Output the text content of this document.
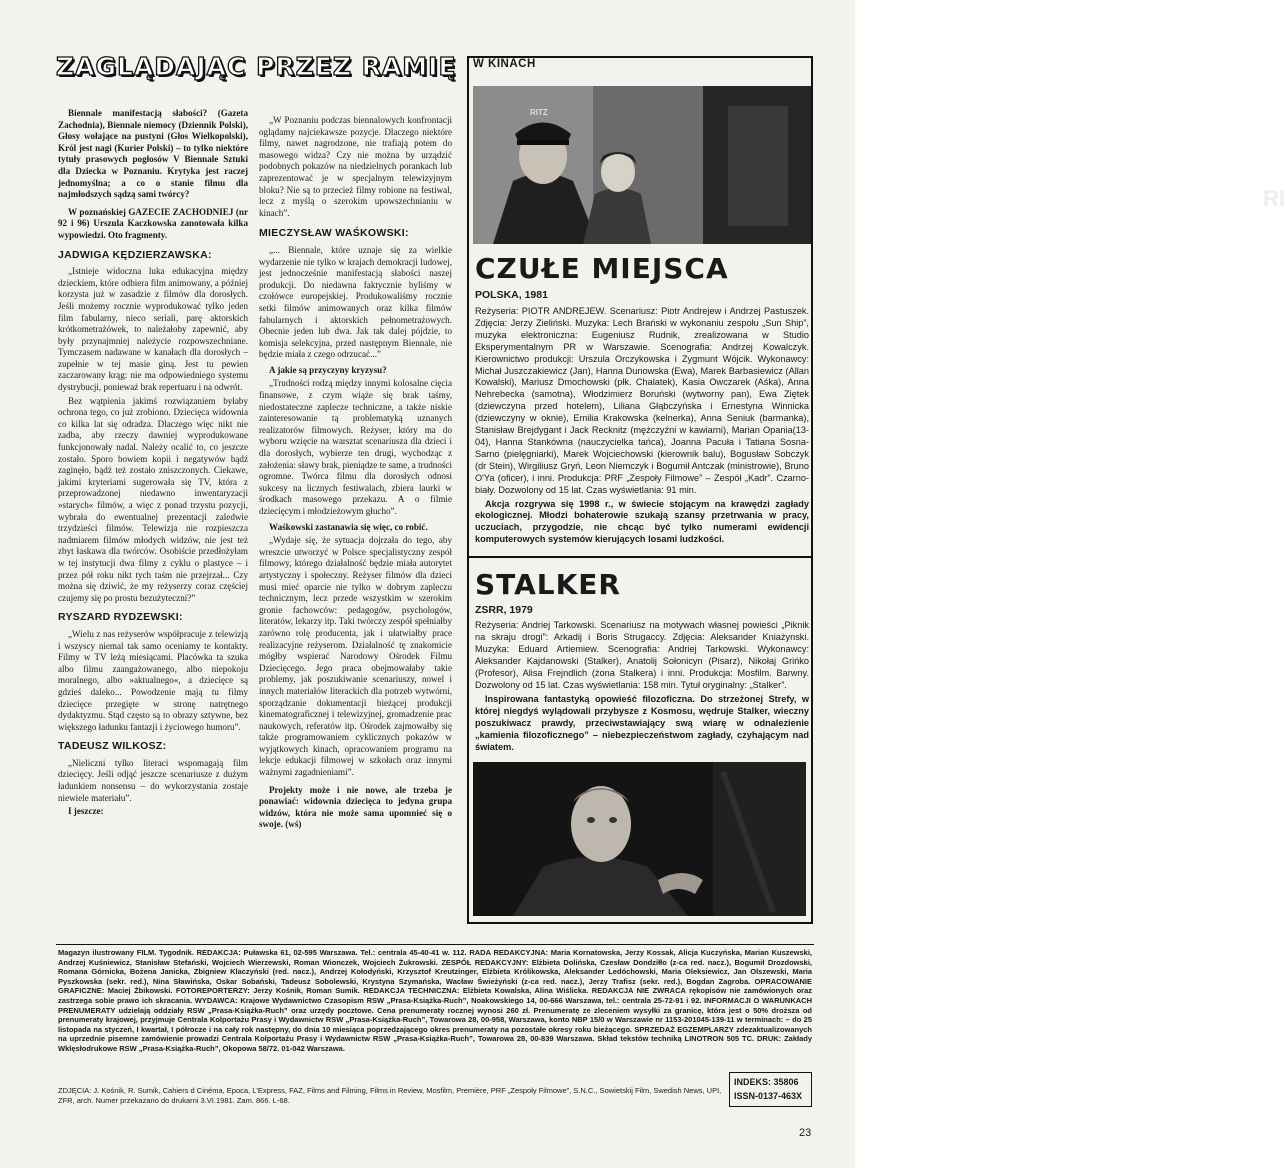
ZAGLĄDAJĄC PRZEZ RAMIĘ

Biennale manifestacją słabości? (Gazeta Zachodnia), Biennale niemocy (Dziennik Polski), Głosy wołające na pustyni (Głos Wielkopolski), Król jest nagi (Kurier Polski) – to tylko niektóre tytuły prasowych pogłosów V Biennale Sztuki dla Dziecka w Poznaniu. Krytyka jest raczej jednomyślna; a co o stanie filmu dla najmłodszych sądzą sami twórcy?

W poznańskiej GAZECIE ZACHODNIEJ (nr 92 i 96) Urszula Kaczkowska zanotowała kilka wypowiedzi. Oto fragmenty.

JADWIGA KĘDZIERZAWSKA:

„Istnieje widoczna luka edukacyjna między dzieckiem, które odbiera film animowany, a później korzysta już w zasadzie z filmów dla dorosłych. Jeśli możemy rocznie wyprodukować tylko jeden film fabularny, nieco seriali, parę aktorskich krótkometrażówek, to należałoby zapewnić, aby były przynajmniej należycie rozpowszechniane. Tymczasem nadawane w kanałach dla dorosłych – zupełnie w tej masie giną. Jest tu pewien zaczarowany krąg: nie ma odpowiedniego systemu dystrybucji, ponieważ brak repertuaru i na odwrót.

Bez wątpienia jakimś rozwiązaniem byłaby ochrona tego, co już zrobiono. Dziecięca widownia co kilka lat się odradza. Dlaczego więc nikt nie zadba, aby rzeczy dawniej wyprodukowane funkcjonowały nadal. Należy ocalić to, co jeszcze zostało. Sporo bowiem kopii i negatywów bądź zaginęło, bądź też zostało zniszczonych. Ciekawe, jakimi kryteriami sugerowała się TV, która z przeprowadzonej niedawno inwentaryzacji »starych« filmów, a więc z ponad trzystu pozycji, wybrała do ewentualnej prezentacji zaledwie trzydzieści filmów. Telewizja nie rozpieszcza nadmiarem filmów młodych widzów, nie jest też zbyt łaskawa dla twórców. Osobiście przedłożyłam w tej instytucji dwa filmy z cyklu o plastyce – i przez pół roku nikt tych taśm nie przejrzał... Czy można się dziwić, że my reżyserzy coraz częściej czujemy się po prostu bezużyteczni?”

RYSZARD RYDZEWSKI:

„Wielu z nas reżyserów współpracuje z telewizją i wszyscy niemal tak samo oceniamy te kontakty. Filmy w TV leżą miesiącami. Placówka ta szuka albo filmu zaangażowanego, albo niepokoju moralnego, albo »aktualnego«, a dziecięce są gdzieś daleko... Powodzenie mają tu filmy dziecięce przegięte w stronę natrętnego dydaktyzmu. Stąd często są to obrazy sztywne, bez większego ładunku fantazji i życiowego humoru”.

TADEUSZ WILKOSZ:

„Nieliczni tylko literaci wspomagają film dziecięcy. Jeśli odjąć jeszcze scenariusze z dużym ładunkiem nonsensu – do wykorzystania zostaje niewiele materiału”.

I jeszcze:

„W Poznaniu podczas biennalowych konfrontacji oglądamy najciekawsze pozycje. Dlaczego niektóre filmy, nawet nagrodzone, nie trafiają potem do masowego widza? Czy nie można by urządzić podobnych pokazów na niedzielnych porankach lub zaprezentować je w specjalnym telewizyjnym bloku? Nie są to przecież filmy robione na festiwal, lecz z myślą o szerokim upowszechnianiu w kinach”.

MIECZYSŁAW WAŚKOWSKI:

„... Biennale, które uznaje się za wielkie wydarzenie nie tylko w krajach demokracji ludowej, jest jednocześnie manifestacją słabości naszej produkcji. Do niedawna faktycznie byliśmy w czołówce europejskiej. Produkowaliśmy rocznie setki filmów animowanych oraz kilka filmów fabularnych i aktorskich pełnometrażowych. Obecnie jeden lub dwa. Jak tak dalej pójdzie, to komisja selekcyjna, przed następnym Biennale, nie będzie miała z czego odrzucać...”

A jakie są przyczyny kryzysu?

„Trudności rodzą między innymi kolosalne cięcia finansowe, z czym wiąże się brak taśmy, niedostateczne zaplecze techniczne, a także niskie zainteresowanie tą problematyką uznanych realizatorów filmowych. Reżyser, który ma do wyboru wzięcie na warsztat scenariusza dla dzieci i dla dorosłych, wybierze ten drugi, wychodząc z założenia: sławy brak, pieniądze te same, a trudności ogromne. Twórca filmu dla dorosłych odnosi sukcesy na licznych festiwalach, zbiera laurki w środkach masowego przekazu. A o filmie dziecięcym i młodzieżowym głucho”.

Waśkowski zastanawia się więc, co robić.

„Wydaje się, że sytuacja dojrzała do tego, aby wreszcie utworzyć w Polsce specjalistyczny zespół filmowy, którego działalność będzie miała autorytet artystyczny i społeczny. Reżyser filmów dla dzieci musi mieć oparcie nie tylko w dobrym zapleczu technicznym, lecz przede wszystkim w szerokim gronie fachowców: pedagogów, psychologów, literatów, lekarzy itp. Taki twórczy zespół spełniałby zarówno rolę producenta, jak i ułatwiałby prace realizacyjne reżyserom. Działalność tę znakomicie mógłby wspierać Narodowy Ośrodek Filmu Dziecięcego. Jego praca obejmowałaby takie problemy, jak poszukiwanie scenariuszy, nowel i innych materiałów literackich dla potrzeb wytwórni, sporządzanie dokumentacji bieżącej produkcji kinematograficznej i telewizyjnej, gromadzenie prac naukowych, referatów itp. Ośrodek zajmowałby się także programowaniem cyklicznych pokazów w wyjątkowych kinach, opracowaniem programu na lekcje edukacji filmowej w szkołach oraz innymi ważnymi zagadnieniami”.

Projekty może i nie nowe, ale trzeba je ponawiać: widownia dziecięca to jedyna grupa widzów, która nie może sama upomnieć się o swoje. (wś)

W KINACH
RI
RITZ
CZUŁE MIEJSCA
POLSKA, 1981
Reżyseria: PIOTR ANDREJEW. Scenariusz: Piotr Andrejew i Andrzej Pastuszek. Zdjęcia: Jerzy Zieliński. Muzyka: Lech Brański w wykonaniu zespołu „Sun Ship”, muzyka elektroniczna: Eugeniusz Rudnik, zrealizowana w Studio Eksperymentalnym PR w Warszawie. Scenografia: Andrzej Kowalczyk. Kierownictwo produkcji: Urszula Orczykowska i Zygmunt Wójcik. Wykonawcy: Michał Juszczakiewicz (Jan), Hanna Dunowska (Ewa), Marek Barbasiewicz (Allan Kowalski), Mariusz Dmochowski (płk. Chalatek), Kasia Owczarek (Aśka), Anna Nehrebecka (samotna), Włodzimierz Boruński (wytworny pan), Ewa Ziętek (dziewczyna przed hotelem), Liliana Głąbczyńska i Ernestyna Winnicka (dziewczyny w oknie), Emilia Krakowska (kelnerka), Anna Seniuk (barmanka), Stanisław Brejdygant i Jack Recknitz (mężczyźni w kawiarni), Marian Opania(13-04), Hanna Stankówna (nauczycielka tańca), Joanna Pacuła i Tatiana Sosna-Sarno (pielęgniarki), Marek Wojciechowski (kierownik balu), Bogusław Sobczyk (dr Stein), Wirgiliusz Gryń, Leon Niemczyk i Bogumił Antczak (ministrowie), Bruno O'Ya (oficer), i inni. Produkcja: PRF „Zespoły Filmowe” – Zespół „Kadr”. Czarno-biały. Dozwolony od 15 lat. Czas wyświetlania: 91 min.

Akcja rozgrywa się 1998 r., w świecie stojącym na krawędzi zagłady ekologicznej. Młodzi bohaterowie szukają szansy przetrwania w pracy, uczuciach, przygodzie, nie chcąc być tylko numerami ewidencji komputerowych systemów kierujących losami ludzkości.

STALKER
ZSRR, 1979
Reżyseria: Andriej Tarkowski. Scenariusz na motywach własnej powieści „Piknik na skraju drogi”: Arkadij i Boris Strugaccy. Zdjęcia: Aleksander Kniażynski. Muzyka: Eduard Artiemiew. Scenografia: Andriej Tarkowski. Wykonawcy: Aleksander Kajdanowski (Stalker), Anatolij Sołonicyn (Pisarz), Nikołaj Grińko (Profesor), Alisa Frejndlich (żona Stalkera) i inni. Produkcja: Mosfilm. Barwny. Dozwolony od 15 lat. Czas wyświetlania: 158 min. Tytuł oryginalny: „Stalker”.

Inspirowana fantastyką opowieść filozoficzna. Do strzeżonej Strefy, w której niegdyś wylądowali przybysze z Kosmosu, wędruje Stalker, wieczny poszukiwacz prawdy, przeciwstawiający swą wiarę w odnalezienie „kamienia filozoficznego” – niebezpieczeństwom zagłady, czyhającym nad światem.

Magazyn ilustrowany FILM. Tygodnik. REDAKCJA: Puławska 61, 02-595 Warszawa. Tel.: centrala 45-40-41 w. 112. RADA REDAKCYJNA: Maria Kornatowska, Jerzy Kossak, Alicja Kuczyńska, Marian Kuszewski, Andrzej Kuśniewicz, Stanisław Stefański, Wojciech Wierzewski, Roman Wionczek, Wojciech Żukrowski. ZESPÓŁ REDAKCYJNY: Elżbieta Dolińska, Czesław Dondziłło (z-ca red. nacz.), Bogumił Drozdowski, Romana Górnicka, Bożena Janicka, Zbigniew Klaczyński (red. nacz.), Andrzej Kołodyński, Krzysztof Kreutzinger, Elżbieta Królikowska, Aleksander Ledóchowski, Maria Oleksiewicz, Jan Olszewski, Maria Pyszkowska (sekr. red.), Nina Sławińska, Oskar Sobański, Tadeusz Sobolewski, Krystyna Szymańska, Wacław Świeżyński (z-ca red. nacz.), Jerzy Trafisz (sekr. red.), Bogdan Zagroba. OPRACOWANIE GRAFICZNE: Maciej Żbikowski. FOTOREPORTERZY: Jerzy Kośnik, Roman Sumik. REDAKCJA TECHNICZNA: Elżbieta Kowalska, Alina Wiślicka. REDAKCJA NIE ZWRACA rękopisów nie zamówionych oraz zastrzega sobie prawo ich skracania. WYDAWCA: Krajowe Wydawnictwo Czasopism RSW „Prasa-Książka-Ruch”, Noakowskiego 14, 00-666 Warszawa, tel.: centrala 25-72-91 i 92. INFORMACJI O WARUNKACH PRENUMERATY udzielają oddziały RSW „Prasa-Książka-Ruch” oraz urzędy pocztowe. Cena prenumeraty rocznej wynosi 260 zł. Prenumeratę ze zleceniem wysyłki za granicę, która jest o 50% droższa od prenumeraty krajowej, przyjmuje Centrala Kolportażu Prasy i Wydawnictw RSW „Prasa-Książka-Ruch”, Towarowa 28, 00-958, Warszawa, konto NBP 15/0 w Warszawie nr 1153-201045-139-11 w terminach: – do 25 listopada na styczeń, I kwartał, I półrocze i na cały rok następny, do dnia 10 miesiąca poprzedzającego okres prenumeraty na pozostałe okresy roku bieżącego. SPRZEDAŻ EGZEMPLARZY zdezaktualizowanych na uprzednie pisemne zamówienie prowadzi Centrala Kolportażu Prasy i Wydawnictw RSW „Prasa-Książka-Ruch”, Towarowa 28, 00-839 Warszawa. Skład tekstów techniką LINOTRON 505 TC. DRUK: Zakłady Wklęsłodrukowe RSW „Prasa-Książka-Ruch”, Okopowa 58/72. 01-042 Warszawa.
INDEKS: 35806
ISSN-0137-463X
ZDJĘCIA: J. Kośnik, R. Sumik, Cahiers d Cinéma, Epoca, L'Express, FAZ, Films and Filming, Films in Review, Mosfilm, Première, PRF „Zespoły Filmowe”, S.N.C., Sowietskij Film, Swedish News, UPI, ZFR, arch. Numer przekazano do drukarni 3.VI.1981. Zam. 866. L-68.
23
